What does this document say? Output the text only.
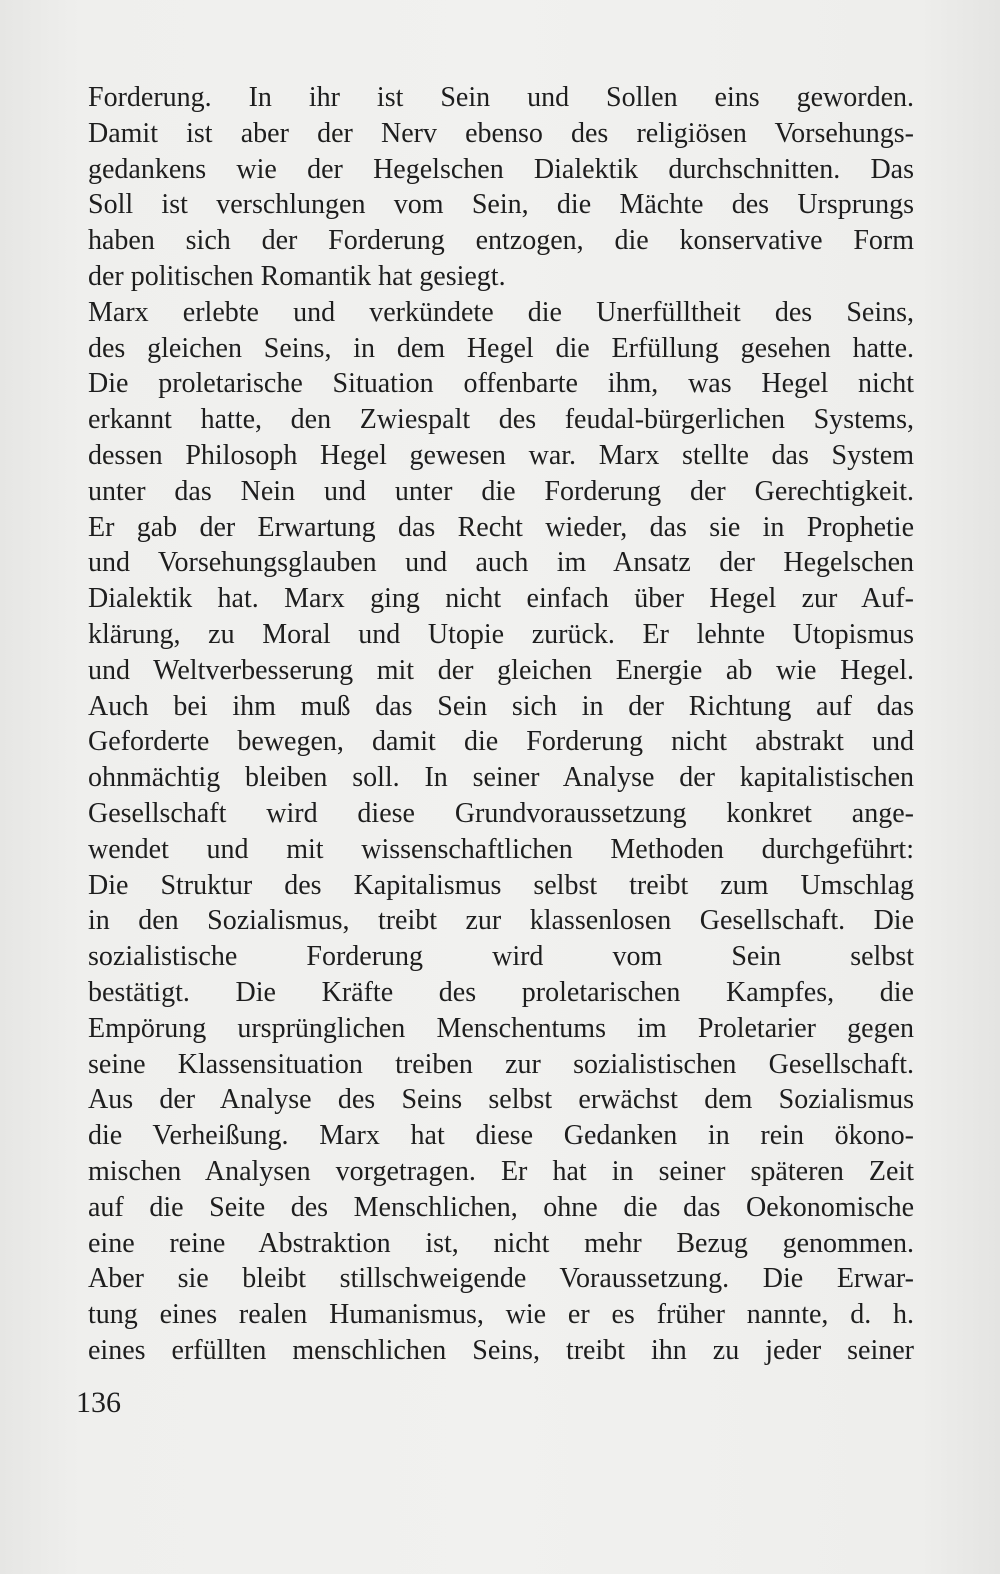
Forderung. In ihr ist Sein und Sollen eins geworden.
Damit ist aber der Nerv ebenso des religiösen Vorsehungs-
gedankens wie der Hegelschen Dialektik durchschnitten. Das
Soll ist verschlungen vom Sein, die Mächte des Ursprungs
haben sich der Forderung entzogen, die konservative Form
der politischen Romantik hat gesiegt.
Marx erlebte und verkündete die Unerfülltheit des Seins,
des gleichen Seins, in dem Hegel die Erfüllung gesehen hatte.
Die proletarische Situation offenbarte ihm, was Hegel nicht
erkannt hatte, den Zwiespalt des feudal-bürgerlichen Systems,
dessen Philosoph Hegel gewesen war. Marx stellte das System
unter das Nein und unter die Forderung der Gerechtigkeit.
Er gab der Erwartung das Recht wieder, das sie in Prophetie
und Vorsehungsglauben und auch im Ansatz der Hegelschen
Dialektik hat. Marx ging nicht einfach über Hegel zur Auf-
klärung, zu Moral und Utopie zurück. Er lehnte Utopismus
und Weltverbesserung mit der gleichen Energie ab wie Hegel.
Auch bei ihm muß das Sein sich in der Richtung auf das
Geforderte bewegen, damit die Forderung nicht abstrakt und
ohnmächtig bleiben soll. In seiner Analyse der kapitalistischen
Gesellschaft wird diese Grundvoraussetzung konkret ange-
wendet und mit wissenschaftlichen Methoden durchgeführt:
Die Struktur des Kapitalismus selbst treibt zum Umschlag
in den Sozialismus, treibt zur klassenlosen Gesellschaft. Die
sozialistische Forderung wird vom Sein selbst
bestätigt. Die Kräfte des proletarischen Kampfes, die
Empörung ursprünglichen Menschentums im Proletarier gegen
seine Klassensituation treiben zur sozialistischen Gesellschaft.
Aus der Analyse des Seins selbst erwächst dem Sozialismus
die Verheißung. Marx hat diese Gedanken in rein ökono-
mischen Analysen vorgetragen. Er hat in seiner späteren Zeit
auf die Seite des Menschlichen, ohne die das Oekonomische
eine reine Abstraktion ist, nicht mehr Bezug genommen.
Aber sie bleibt stillschweigende Voraussetzung. Die Erwar-
tung eines realen Humanismus, wie er es früher nannte, d. h.
eines erfüllten menschlichen Seins, treibt ihn zu jeder seiner
136
